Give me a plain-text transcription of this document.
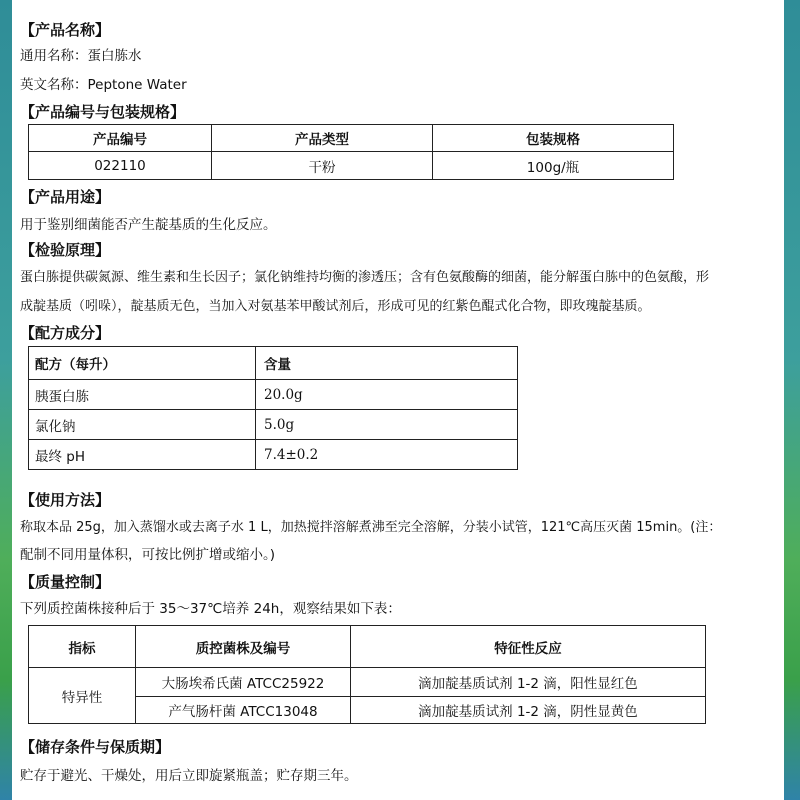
【产品名称】
通用名称：蛋白胨水
英文名称：Peptone Water
【产品编号与包装规格】
产品编号	产品类型	包装规格
022110	干粉	100g/瓶
【产品用途】
用于鉴别细菌能否产生靛基质的生化反应。
【检验原理】
蛋白胨提供碳氮源、维生素和生长因子；氯化钠维持均衡的渗透压；含有色氨酸酶的细菌，能分解蛋白胨中的色氨酸，形
成靛基质（吲哚），靛基质无色，当加入对氨基苯甲酸试剂后，形成可见的红紫色醌式化合物，即玫瑰靛基质。
【配方成分】
配方（每升）	含量
胰蛋白胨	20.0g
氯化钠	5.0g
最终 pH	7.4±0.2
【使用方法】
称取本品 25g，加入蒸馏水或去离子水 1 L，加热搅拌溶解煮沸至完全溶解，分装小试管，121℃高压灭菌 15min。(注：
配制不同用量体积，可按比例扩增或缩小。)
【质量控制】
下列质控菌株接种后于 35～37℃培养 24h，观察结果如下表：
指标	质控菌株及编号	特征性反应
特异性	大肠埃希氏菌 ATCC25922	滴加靛基质试剂 1-2 滴，阳性显红色
	产气肠杆菌 ATCC13048	滴加靛基质试剂 1-2 滴，阴性显黄色
【储存条件与保质期】
贮存于避光、干燥处，用后立即旋紧瓶盖；贮存期三年。
